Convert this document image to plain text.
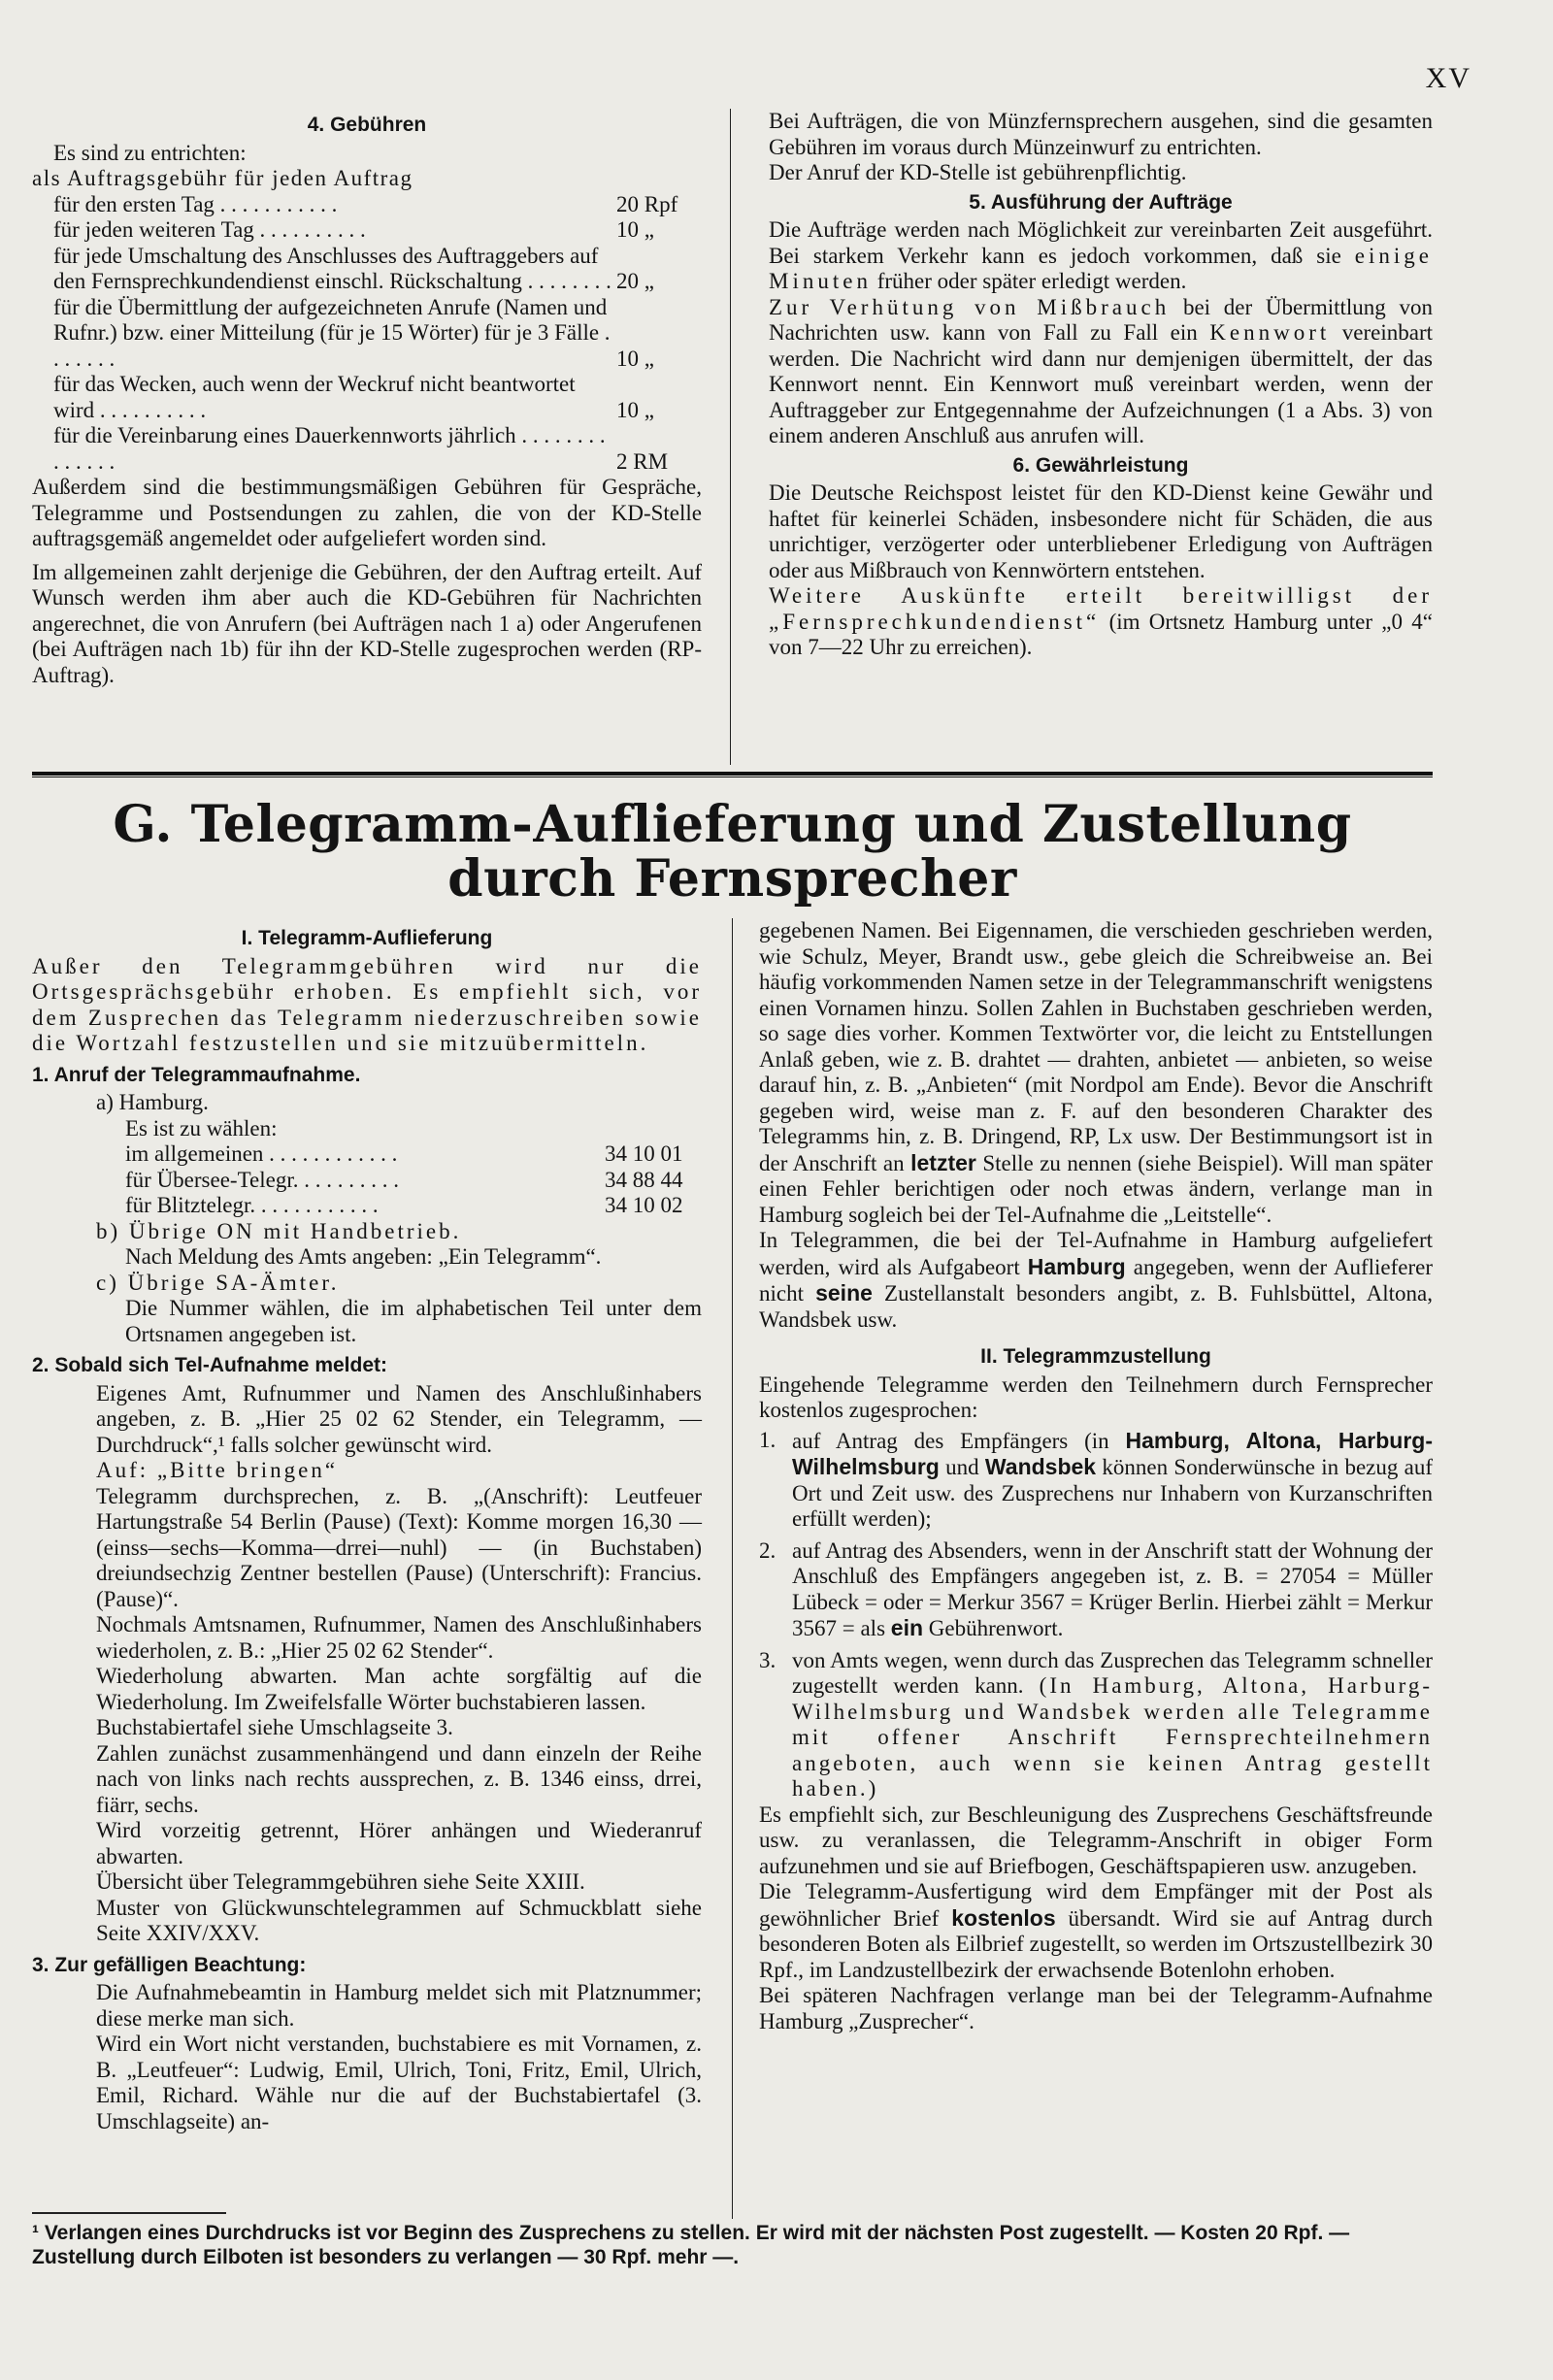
XV
4. Gebühren

Es sind zu entrichten:

als Auftragsgebühr für jeden Auftrag

für den ersten Tag . . . . . . . . . . .	20 Rpf
für jeden weiteren Tag . . . . . . . . . .	10 „
für jede Umschaltung des Anschlusses des Auftraggebers auf den Fernsprechkundendienst einschl. Rückschaltung . . . . . . . . 20 „
für die Übermittlung der aufgezeichneten Anrufe (Namen und Rufnr.) bzw. einer Mitteilung (für je 15 Wörter) für je 3 Fälle . . . . . . .	10 „
für das Wecken, auch wenn der Weckruf nicht beantwortet wird . . . . . . . . . .	10 „
für die Vereinbarung eines Dauerkennworts jährlich . . . . . . . . . . . . . .	2 RM

Außerdem sind die bestimmungsmäßigen Gebühren für Gespräche, Telegramme und Postsendungen zu zahlen, die von der KD-Stelle auftragsgemäß angemeldet oder aufgeliefert worden sind.

Im allgemeinen zahlt derjenige die Gebühren, der den Auftrag erteilt. Auf Wunsch werden ihm aber auch die KD-Gebühren für Nachrichten angerechnet, die von Anrufern (bei Aufträgen nach 1 a) oder Angerufenen (bei Aufträgen nach 1b) für ihn der KD-Stelle zugesprochen werden (RP-Auftrag).

Bei Aufträgen, die von Münzfernsprechern ausgehen, sind die gesamten Gebühren im voraus durch Münzeinwurf zu entrichten.

Der Anruf der KD-Stelle ist gebührenpflichtig.

5. Ausführung der Aufträge

Die Aufträge werden nach Möglichkeit zur vereinbarten Zeit ausgeführt. Bei starkem Verkehr kann es jedoch vorkommen, daß sie einige Minuten früher oder später erledigt werden.

Zur Verhütung von Mißbrauch bei der Übermittlung von Nachrichten usw. kann von Fall zu Fall ein Kennwort vereinbart werden. Die Nachricht wird dann nur demjenigen übermittelt, der das Kennwort nennt. Ein Kennwort muß vereinbart werden, wenn der Auftraggeber zur Entgegennahme der Aufzeichnungen (1 a Abs. 3) von einem anderen Anschluß aus anrufen will.

6. Gewährleistung

Die Deutsche Reichspost leistet für den KD-Dienst keine Gewähr und haftet für keinerlei Schäden, insbesondere nicht für Schäden, die aus unrichtiger, verzögerter oder unterbliebener Erledigung von Aufträgen oder aus Mißbrauch von Kennwörtern entstehen.

Weitere Auskünfte erteilt bereitwilligst der „Fernsprechkundendienst“ (im Ortsnetz Hamburg unter „0 4“ von 7—22 Uhr zu erreichen).

G. Telegramm-Auflieferung und Zustellung
durch Fernsprecher
I. Telegramm-Auflieferung

Außer den Telegrammgebühren wird nur die Ortsgesprächsgebühr erhoben. Es empfiehlt sich, vor dem Zusprechen das Telegramm niederzuschreiben sowie die Wortzahl festzustellen und sie mitzuübermitteln.

1. Anruf der Telegrammaufnahme.

a) Hamburg.

Es ist zu wählen:

im allgemeinen . . . . . . . . . . . .	34 10 01
für Übersee-Telegr. . . . . . . . . .	34 88 44
für Blitztelegr. . . . . . . . . . . .	34 10 02

b) Übrige ON mit Handbetrieb.

Nach Meldung des Amts angeben: „Ein Telegramm“.

c) Übrige SA-Ämter.

Die Nummer wählen, die im alphabetischen Teil unter dem Ortsnamen angegeben ist.

2. Sobald sich Tel-Aufnahme meldet:

Eigenes Amt, Rufnummer und Namen des Anschlußinhabers angeben, z. B. „Hier 25 02 62 Stender, ein Telegramm, — Durchdruck“,¹ falls solcher gewünscht wird.

Auf: „Bitte bringen“

Telegramm durchsprechen, z. B. „(Anschrift): Leutfeuer Hartungstraße 54 Berlin (Pause) (Text): Komme morgen 16,30 — (einss—sechs—Komma—drrei—nuhl) — (in Buchstaben) dreiundsechzig Zentner bestellen (Pause) (Unterschrift): Francius. (Pause)“.

Nochmals Amtsnamen, Rufnummer, Namen des Anschlußinhabers wiederholen, z. B.: „Hier 25 02 62 Stender“.

Wiederholung abwarten. Man achte sorgfältig auf die Wiederholung. Im Zweifelsfalle Wörter buchstabieren lassen.

Buchstabiertafel siehe Umschlagseite 3.

Zahlen zunächst zusammenhängend und dann einzeln der Reihe nach von links nach rechts aussprechen, z. B. 1346 einss, drrei, fiärr, sechs.

Wird vorzeitig getrennt, Hörer anhängen und Wiederanruf abwarten.

Übersicht über Telegrammgebühren siehe Seite XXIII.

Muster von Glückwunschtelegrammen auf Schmuckblatt siehe Seite XXIV/XXV.

3. Zur gefälligen Beachtung:

Die Aufnahmebeamtin in Hamburg meldet sich mit Platznummer; diese merke man sich.

Wird ein Wort nicht verstanden, buchstabiere es mit Vornamen, z. B. „Leutfeuer“: Ludwig, Emil, Ulrich, Toni, Fritz, Emil, Ulrich, Emil, Richard. Wähle nur die auf der Buchstabiertafel (3. Umschlagseite) an-

gegebenen Namen. Bei Eigennamen, die verschieden geschrieben werden, wie Schulz, Meyer, Brandt usw., gebe gleich die Schreibweise an. Bei häufig vorkommenden Namen setze in der Telegrammanschrift wenigstens einen Vornamen hinzu. Sollen Zahlen in Buchstaben geschrieben werden, so sage dies vorher. Kommen Textwörter vor, die leicht zu Entstellungen Anlaß geben, wie z. B. drahtet — drahten, anbietet — anbieten, so weise darauf hin, z. B. „Anbieten“ (mit Nordpol am Ende). Bevor die Anschrift gegeben wird, weise man z. F. auf den besonderen Charakter des Telegramms hin, z. B. Dringend, RP, Lx usw. Der Bestimmungsort ist in der Anschrift an letzter Stelle zu nennen (siehe Beispiel). Will man später einen Fehler berichtigen oder noch etwas ändern, verlange man in Hamburg sogleich bei der Tel-Aufnahme die „Leitstelle“.

In Telegrammen, die bei der Tel-Aufnahme in Hamburg aufgeliefert werden, wird als Aufgabeort Hamburg angegeben, wenn der Auflieferer nicht seine Zustellanstalt besonders angibt, z. B. Fuhlsbüttel, Altona, Wandsbek usw.

II. Telegrammzustellung

Eingehende Telegramme werden den Teilnehmern durch Fernsprecher kostenlos zugesprochen:

1. auf Antrag des Empfängers (in Hamburg, Altona, Harburg-Wilhelmsburg und Wandsbek können Sonderwünsche in bezug auf Ort und Zeit usw. des Zusprechens nur Inhabern von Kurzanschriften erfüllt werden);

2. auf Antrag des Absenders, wenn in der Anschrift statt der Wohnung der Anschluß des Empfängers angegeben ist, z. B. = 27054 = Müller Lübeck = oder = Merkur 3567 = Krüger Berlin. Hierbei zählt = Merkur 3567 = als ein Gebührenwort.

3. von Amts wegen, wenn durch das Zusprechen das Telegramm schneller zugestellt werden kann. (In Hamburg, Altona, Harburg-Wilhelmsburg und Wandsbek werden alle Telegramme mit offener Anschrift Fernsprechteilnehmern angeboten, auch wenn sie keinen Antrag gestellt haben.)

Es empfiehlt sich, zur Beschleunigung des Zusprechens Geschäftsfreunde usw. zu veranlassen, die Telegramm-Anschrift in obiger Form aufzunehmen und sie auf Briefbogen, Geschäftspapieren usw. anzugeben.

Die Telegramm-Ausfertigung wird dem Empfänger mit der Post als gewöhnlicher Brief kostenlos übersandt. Wird sie auf Antrag durch besonderen Boten als Eilbrief zugestellt, so werden im Ortszustellbezirk 30 Rpf., im Landzustellbezirk der erwachsende Botenlohn erhoben.

Bei späteren Nachfragen verlange man bei der Telegramm-Aufnahme Hamburg „Zusprecher“.

¹ Verlangen eines Durchdrucks ist vor Beginn des Zusprechens zu stellen. Er wird mit der nächsten Post zugestellt. — Kosten 20 Rpf. — Zustellung durch Eilboten ist besonders zu verlangen — 30 Rpf. mehr —.
